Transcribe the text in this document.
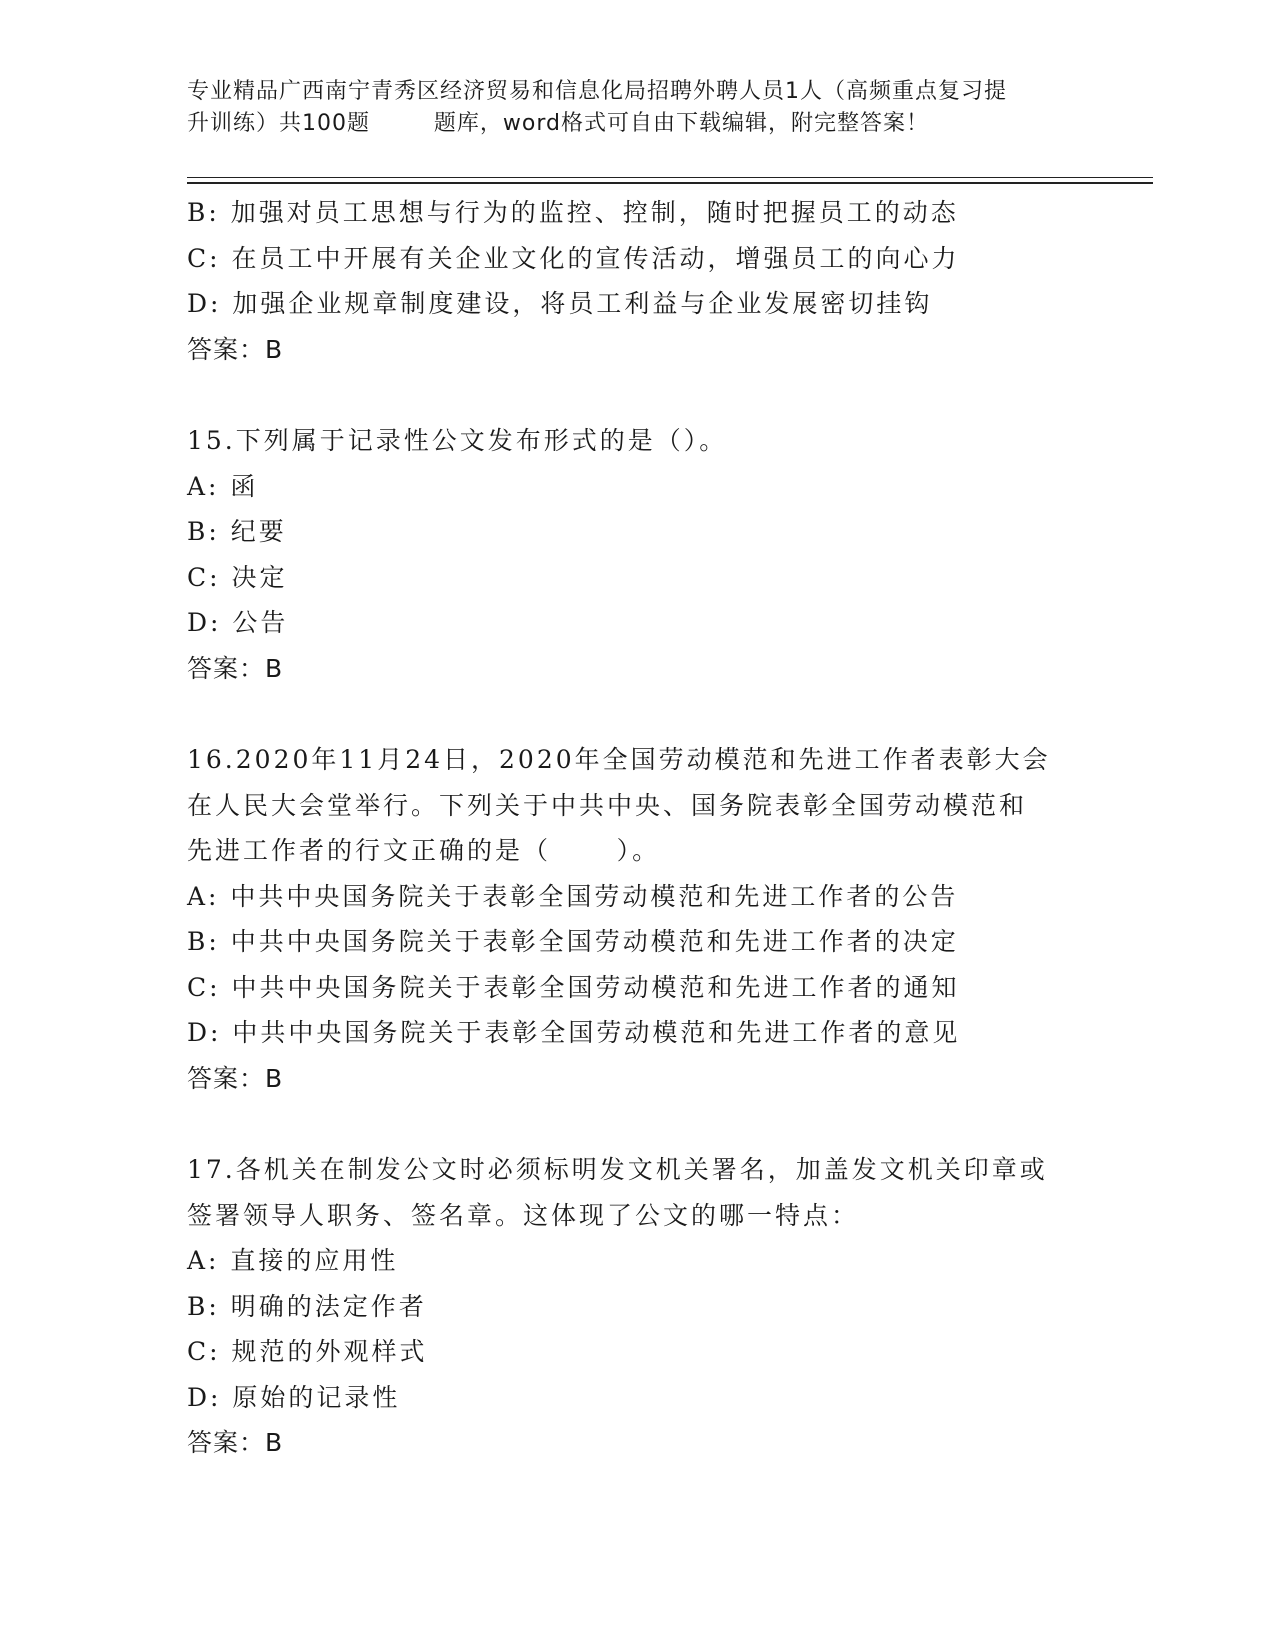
专业精品广西南宁青秀区经济贸易和信息化局招聘外聘人员1人（高频重点复习提
升训练）共100题        题库，word格式可自由下载编辑，附完整答案！
B: 加强对员工思想与行为的监控、控制，随时把握员工的动态
C: 在员工中开展有关企业文化的宣传活动，增强员工的向心力
D: 加强企业规章制度建设，将员工利益与企业发展密切挂钩
答案：B
15.下列属于记录性公文发布形式的是（）。
A: 函
B: 纪要
C: 决定
D: 公告
答案：B
16.2020年11月24日，2020年全国劳动模范和先进工作者表彰大会
在人民大会堂举行。下列关于中共中央、国务院表彰全国劳动模范和
先进工作者的行文正确的是（      ）。
A: 中共中央国务院关于表彰全国劳动模范和先进工作者的公告
B: 中共中央国务院关于表彰全国劳动模范和先进工作者的决定
C: 中共中央国务院关于表彰全国劳动模范和先进工作者的通知
D: 中共中央国务院关于表彰全国劳动模范和先进工作者的意见
答案：B
17.各机关在制发公文时必须标明发文机关署名，加盖发文机关印章或
签署领导人职务、签名章。这体现了公文的哪一特点：
A: 直接的应用性
B: 明确的法定作者
C: 规范的外观样式
D: 原始的记录性
答案：B
